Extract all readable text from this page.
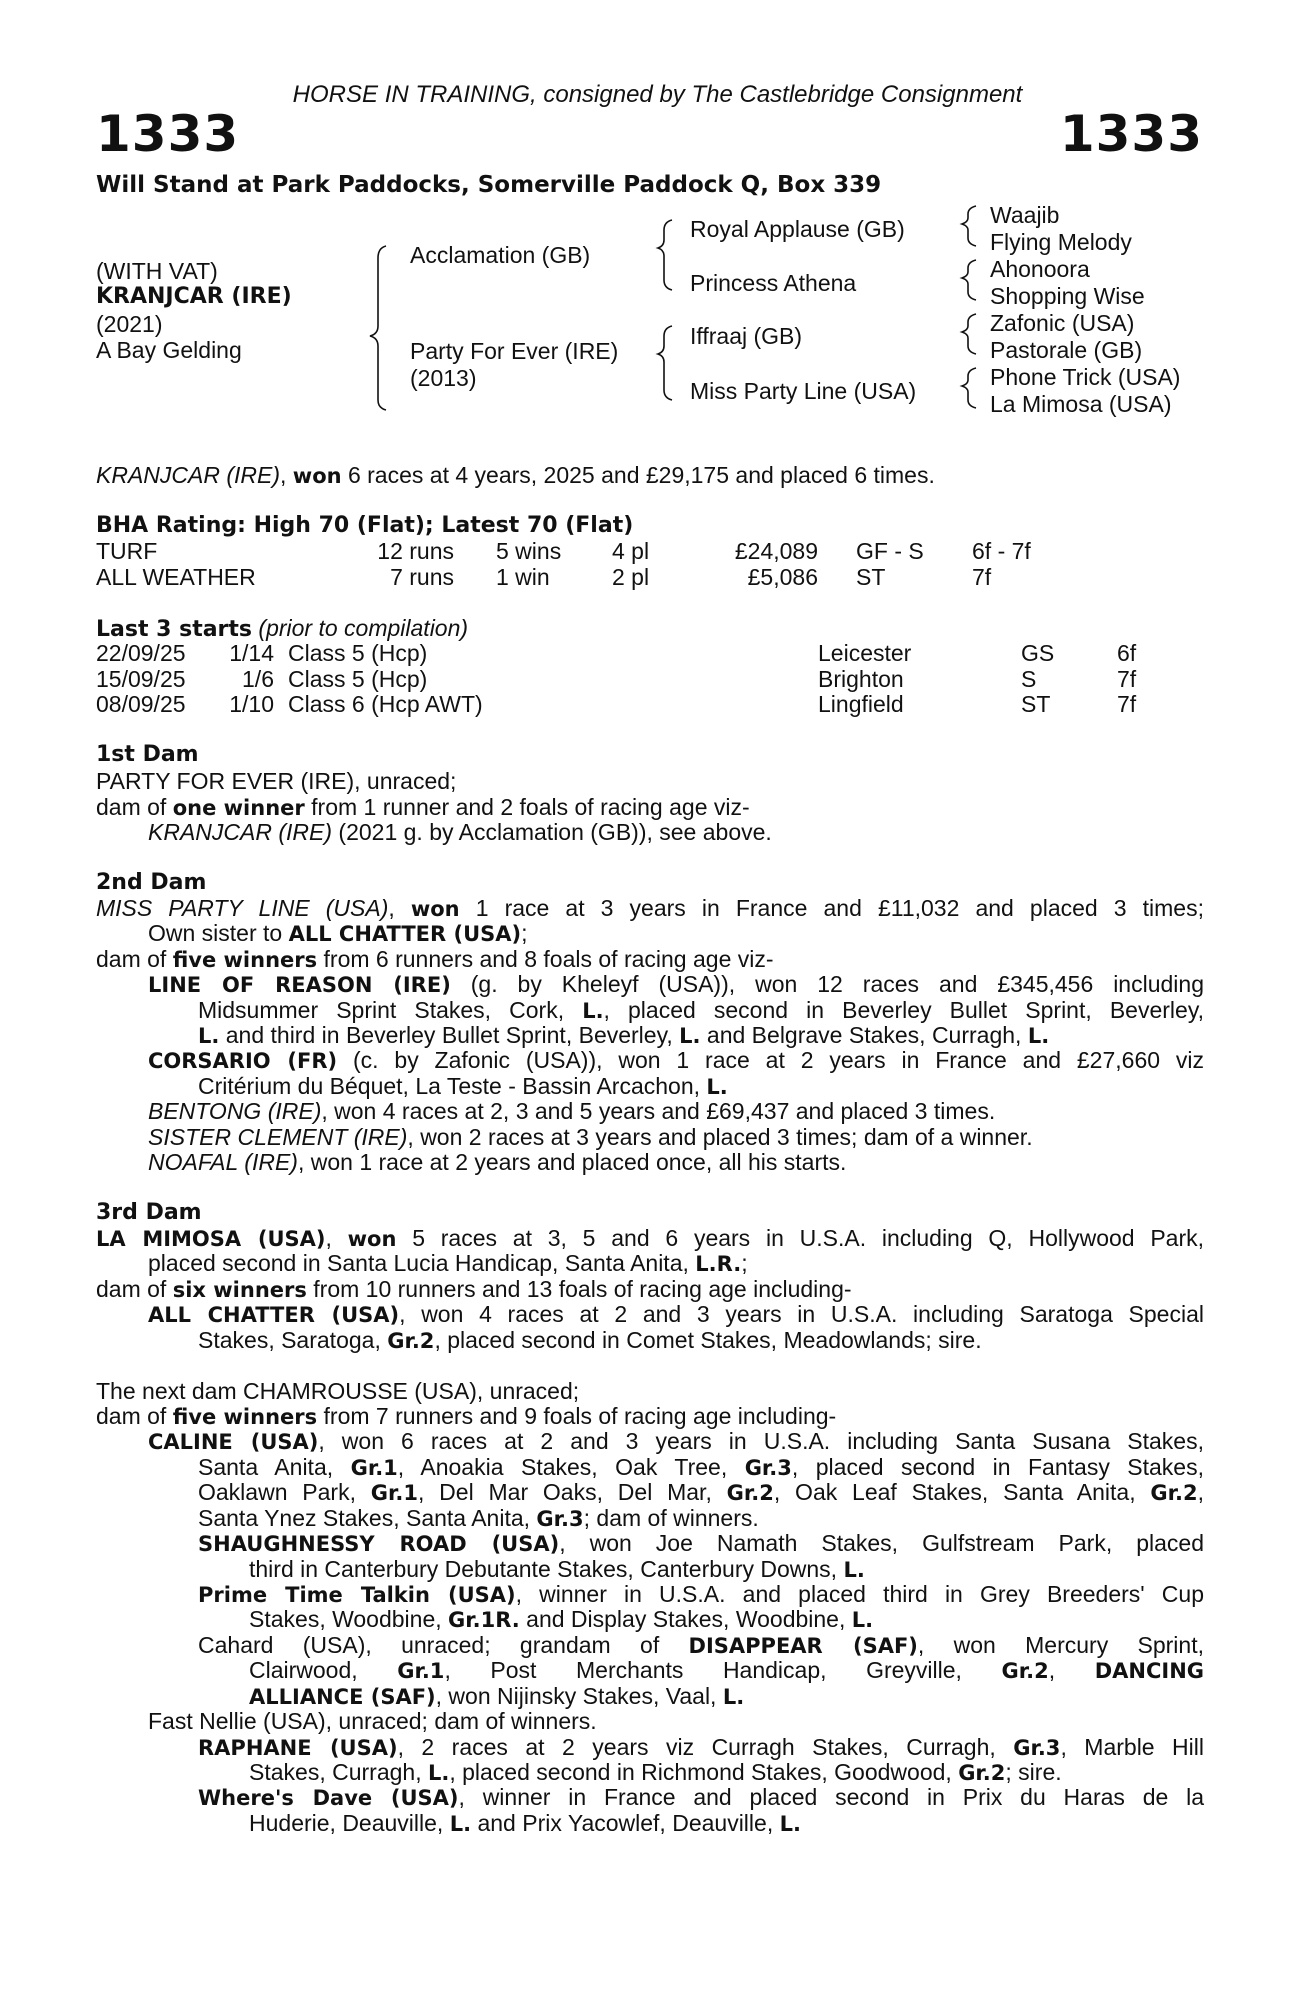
HORSE IN TRAINING, consigned by The Castlebridge Consignment
1333	1333
Will Stand at Park Paddocks, Somerville Paddock Q, Box 339
(WITH VAT)
KRANJCAR (IRE)
(2021)
A Bay Gelding
Acclamation (GB)
Party For Ever (IRE)
(2013)
Royal Applause (GB)
Princess Athena
Iffraaj (GB)
Miss Party Line (USA)
Waajib
Flying Melody
Ahonoora
Shopping Wise
Zafonic (USA)
Pastorale (GB)
Phone Trick (USA)
La Mimosa (USA)

KRANJCAR (IRE), won 6 races at 4 years, 2025 and £29,175 and placed 6 times.

BHA Rating: High 70 (Flat); Latest 70 (Flat)
TURF	12 runs 5 wins 4 pl	£24,089 GF - S 6f - 7f
ALL WEATHER	7 runs 1 win	2 pl	£5,086 ST	7f

Last 3 starts (prior to compilation)

22/09/25	1/14 Class 5 (Hcp)	Leicester	GS	6f
15/09/25	1/6 Class 5 (Hcp)	Brighton	S	7f
08/09/25	1/10 Class 6 (Hcp AWT)	Lingfield	ST	7f
1st Dam

PARTY FOR EVER (IRE), unraced;

dam of one winner from 1 runner and 2 foals of racing age viz-

KRANJCAR (IRE) (2021 g. by Acclamation (GB)), see above.

2nd Dam

MISS PARTY LINE (USA), won 1 race at 3 years in France and £11,032 and placed 3 times;

Own sister to ALL CHATTER (USA);

dam of five winners from 6 runners and 8 foals of racing age viz-

LINE OF REASON (IRE) (g. by Kheleyf (USA)), won 12 races and £345,456 including

Midsummer Sprint Stakes, Cork, L., placed second in Beverley Bullet Sprint, Beverley,

L. and third in Beverley Bullet Sprint, Beverley, L. and Belgrave Stakes, Curragh, L.

CORSARIO (FR) (c. by Zafonic (USA)), won 1 race at 2 years in France and £27,660 viz

Critérium du Béquet, La Teste - Bassin Arcachon, L.

BENTONG (IRE), won 4 races at 2, 3 and 5 years and £69,437 and placed 3 times.

SISTER CLEMENT (IRE), won 2 races at 3 years and placed 3 times; dam of a winner.

NOAFAL (IRE), won 1 race at 2 years and placed once, all his starts.

3rd Dam

LA MIMOSA (USA), won 5 races at 3, 5 and 6 years in U.S.A. including Q, Hollywood Park,

placed second in Santa Lucia Handicap, Santa Anita, L.R.;

dam of six winners from 10 runners and 13 foals of racing age including-

ALL CHATTER (USA), won 4 races at 2 and 3 years in U.S.A. including Saratoga Special

Stakes, Saratoga, Gr.2, placed second in Comet Stakes, Meadowlands; sire.

The next dam CHAMROUSSE (USA), unraced;

dam of five winners from 7 runners and 9 foals of racing age including-

CALINE (USA), won 6 races at 2 and 3 years in U.S.A. including Santa Susana Stakes,

Santa Anita, Gr.1, Anoakia Stakes, Oak Tree, Gr.3, placed second in Fantasy Stakes,

Oaklawn Park, Gr.1, Del Mar Oaks, Del Mar, Gr.2, Oak Leaf Stakes, Santa Anita, Gr.2,

Santa Ynez Stakes, Santa Anita, Gr.3; dam of winners.

SHAUGHNESSY ROAD (USA), won Joe Namath Stakes, Gulfstream Park, placed

third in Canterbury Debutante Stakes, Canterbury Downs, L.

Prime Time Talkin (USA), winner in U.S.A. and placed third in Grey Breeders' Cup

Stakes, Woodbine, Gr.1R. and Display Stakes, Woodbine, L.

Cahard (USA), unraced; grandam of DISAPPEAR (SAF), won Mercury Sprint,

Clairwood, Gr.1, Post Merchants Handicap, Greyville, Gr.2, DANCING

ALLIANCE (SAF), won Nijinsky Stakes, Vaal, L.

Fast Nellie (USA), unraced; dam of winners.

RAPHANE (USA), 2 races at 2 years viz Curragh Stakes, Curragh, Gr.3, Marble Hill

Stakes, Curragh, L., placed second in Richmond Stakes, Goodwood, Gr.2; sire.

Where's Dave (USA), winner in France and placed second in Prix du Haras de la

Huderie, Deauville, L. and Prix Yacowlef, Deauville, L.
